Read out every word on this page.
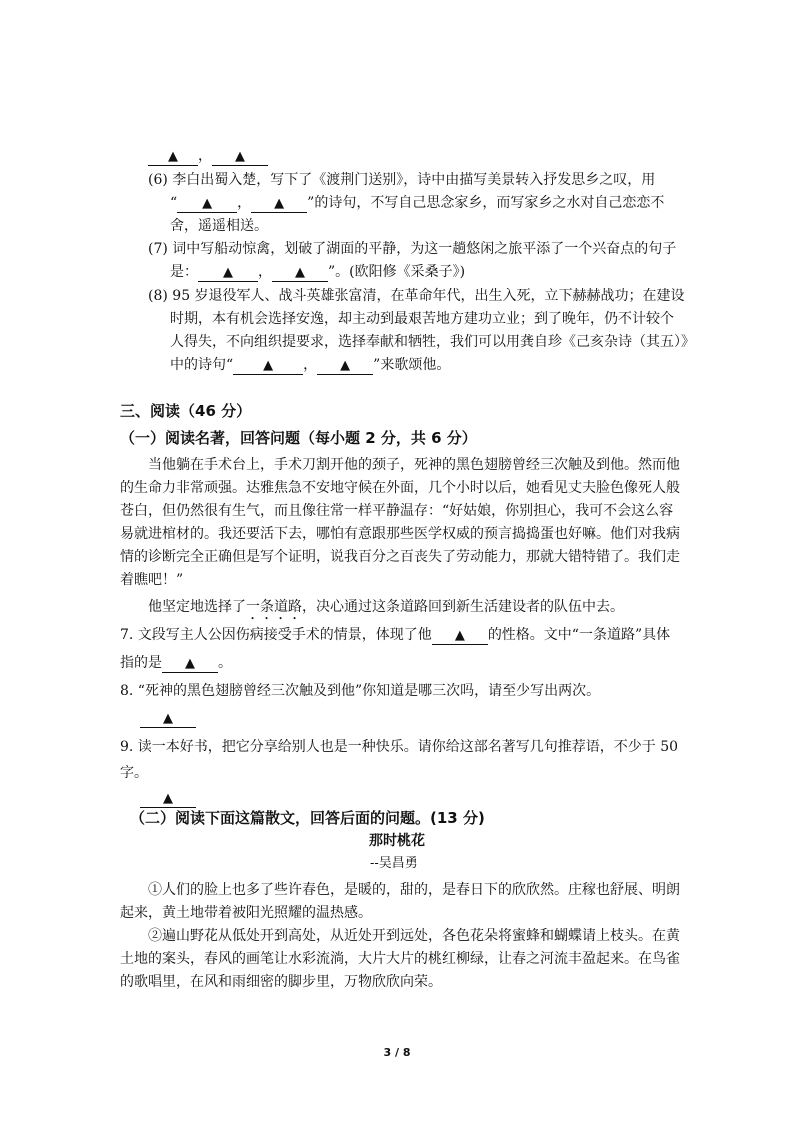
▲ ， ▲
(6) 李白出蜀入楚，写下了《渡荆门送别》，诗中由描写美景转入抒发思乡之叹，用
“ ▲ ， ▲ ”的诗句，不写自己思念家乡，而写家乡之水对自己恋恋不
舍，遥遥相送。
(7) 词中写船动惊禽，划破了湖面的平静，为这一趟悠闲之旅平添了一个兴奋点的句子
是： ▲ ， ▲ ”。(欧阳修《采桑子》)
(8) 95 岁退役军人、战斗英雄张富清，在革命年代，出生入死，立下赫赫战功；在建设
时期，本有机会选择安逸，却主动到最艰苦地方建功立业；到了晚年，仍不计较个
人得失，不向组织提要求，选择奉献和牺牲，我们可以用龚自珍《己亥杂诗（其五）》
中的诗句“ ▲ ， ▲ ”来歌颂他。
三、阅读（46 分）
（一）阅读名著，回答问题（每小题 2 分，共 6 分）
当他躺在手术台上，手术刀割开他的颈子，死神的黑色翅膀曾经三次触及到他。然而他
的生命力非常顽强。达雅焦急不安地守候在外面，几个小时以后，她看见丈夫脸色像死人般
苍白，但仍然很有生气，而且像往常一样平静温存：“好姑娘，你别担心，我可不会这么容
易就进棺材的。我还要活下去，哪怕有意跟那些医学权威的预言捣捣蛋也好嘛。他们对我病
情的诊断完全正确但是写个证明，说我百分之百丧失了劳动能力，那就大错特错了。我们走
着瞧吧！”
他坚定地选择了一条道路，决心通过这条道路回到新生活建设者的队伍中去。
7. 文段写主人公因伤病接受手术的情景，体现了他 ▲ 的性格。文中“一条道路”具体
指的是 ▲ 。
8. “死神的黑色翅膀曾经三次触及到他”你知道是哪三次吗，请至少写出两次。
▲
9. 读一本好书，把它分享给别人也是一种快乐。请你给这部名著写几句推荐语，不少于 50
字。
▲
（二）阅读下面这篇散文，回答后面的问题。(13 分)
那时桃花
--吴昌勇
①人们的脸上也多了些许春色，是暖的，甜的，是春日下的欣欣然。庄稼也舒展、明朗
起来，黄土地带着被阳光照耀的温热感。
②遍山野花从低处开到高处，从近处开到远处，各色花朵将蜜蜂和蝴蝶请上枝头。在黄
土地的案头，春风的画笔让水彩流淌，大片大片的桃红柳绿，让春之河流丰盈起来。在鸟雀
的歌唱里，在风和雨细密的脚步里，万物欣欣向荣。
3 / 8
